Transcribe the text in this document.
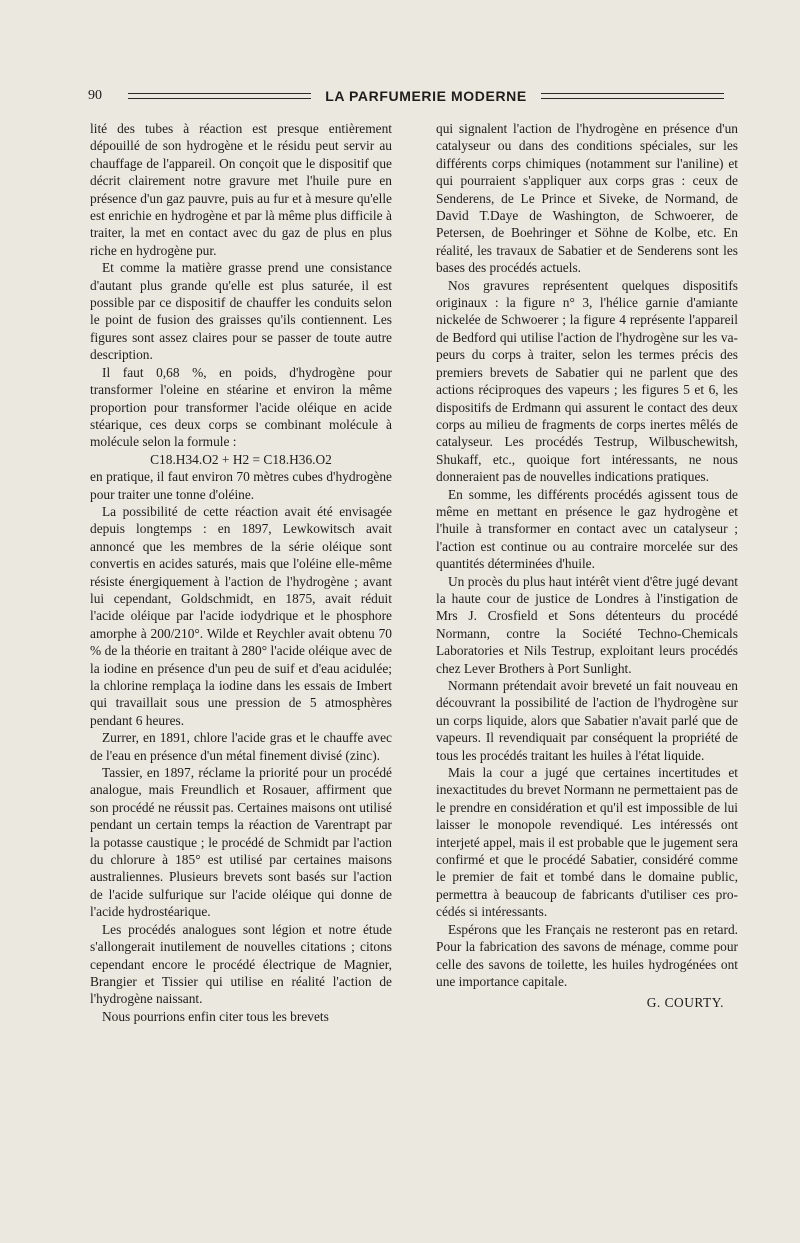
90	LA PARFUMERIE MODERNE

lité des tubes à réaction est presque entièrement dépouillé de son hydrogène et le résidu peut servir au chauffage de l'appareil. On conçoit que le dispositif que décrit clairement notre gravure met l'huile pure en présence d'un gaz pauvre, puis au fur et à mesure qu'elle est enrichie en hydrogène et par là même plus difficile à traiter, la met en contact avec du gaz de plus en plus riche en hydrogène pur.

Et comme la matière grasse prend une consistance d'autant plus grande qu'elle est plus saturée, il est possible par ce dispositif de chauffer les conduits selon le point de fusion des graisses qu'ils contiennent. Les figures sont assez claires pour se passer de toute autre description.

Il faut 0,68 %, en poids, d'hydrogène pour transformer l'oleine en stéarine et environ la même proportion pour transformer l'acide oléique en acide stéarique, ces deux corps se combinant molécule à molécule selon la formule :

C18.H34.O2 + H2 = C18.H36.O2

en pratique, il faut environ 70 mètres cubes d'hydrogène pour traiter une tonne d'oléine.

La possibilité de cette réaction avait été envisagée depuis longtemps : en 1897, Lewkowitsch avait annoncé que les membres de la série oléique sont convertis en acides saturés, mais que l'oléine elle-même résiste énergiquement à l'action de l'hydrogène ; avant lui cependant, Goldschmidt, en 1875, avait réduit l'acide oléique par l'acide iodydrique et le phosphore amorphe à 200/210°. Wilde et Reychler avait obtenu 70 % de la théorie en traitant à 280° l'acide oléique avec de la iodine en présence d'un peu de suif et d'eau acidulée; la chlorine remplaça la iodine dans les essais de Imbert qui travaillait sous une pression de 5 atmosphères pendant 6 heures.

Zurrer, en 1891, chlore l'acide gras et le chauffe avec de l'eau en présence d'un métal finement divisé (zinc).

Tassier, en 1897, réclame la priorité pour un procédé analogue, mais Freundlich et Rosauer, affirment que son procédé ne réussit pas. Certaines maisons ont utilisé pendant un certain temps la réaction de Varentrapt par la potasse caustique ; le procédé de Schmidt par l'action du chlorure à 185° est utilisé par certaines maisons australiennes. Plusieurs brevets sont basés sur l'action de l'acide sulfurique sur l'acide oléique qui donne de l'acide hydrostéarique.

Les procédés analogues sont légion et notre étude s'allongerait inutilement de nouvelles citations ; citons cependant encore le procédé électrique de Magnier, Brangier et Tissier qui utilise en réalité l'action de l'hydrogène naissant.

Nous pourrions enfin citer tous les brevets

qui signalent l'action de l'hydrogène en présence d'un catalyseur ou dans des conditions spéciales, sur les différents corps chimiques (notamment sur l'aniline) et qui pourraient s'appliquer aux corps gras : ceux de Senderens, de Le Prince et Siveke, de Normand, de David T.Daye de Washington, de Schwoerer, de Petersen, de Boehringer et Söhne de Kolbe, etc. En réalité, les travaux de Sabatier et de Senderens sont les bases des procédés actuels.

Nos gravures représentent quelques dispositifs originaux : la figure n° 3, l'hélice garnie d'amiante nickelée de Schwoerer ; la figure 4 représente l'appareil de Bedford qui utilise l'action de l'hydrogène sur les vapeurs du corps à traiter, selon les termes précis des premiers brevets de Sabatier qui ne parlent que des actions réciproques des vapeurs ; les figures 5 et 6, les dispositifs de Erdmann qui assurent le contact des deux corps au milieu de fragments de corps inertes mêlés de catalyseur. Les procédés Testrup, Wilbuschewitsh, Shukaff, etc., quoique fort intéressants, ne nous donneraient pas de nouvelles indications pratiques.

En somme, les différents procédés agissent tous de même en mettant en présence le gaz hydrogène et l'huile à transformer en contact avec un catalyseur ; l'action est continue ou au contraire morcelée sur des quantités déterminées d'huile.

Un procès du plus haut intérêt vient d'être jugé devant la haute cour de justice de Londres à l'instigation de Mrs J. Crosfield et Sons détenteurs du procédé Normann, contre la Société Techno-Chemicals Laboratories et Nils Testrup, exploitant leurs procédés chez Lever Brothers à Port Sunlight.

Normann prétendait avoir breveté un fait nouveau en découvrant la possibilité de l'action de l'hydrogène sur un corps liquide, alors que Sabatier n'avait parlé que de vapeurs. Il revendiquait par conséquent la propriété de tous les procédés traitant les huiles à l'état liquide.

Mais la cour a jugé que certaines incertitudes et inexactitudes du brevet Normann ne permettaient pas de le prendre en considération et qu'il est impossible de lui laisser le monopole revendiqué. Les intéressés ont interjeté appel, mais il est probable que le jugement sera confirmé et que le procédé Sabatier, considéré comme le premier de fait et tombé dans le domaine public, permettra à beaucoup de fabricants d'utiliser ces procédés si intéressants.

Espérons que les Français ne resteront pas en retard. Pour la fabrication des savons de ménage, comme pour celle des savons de toilette, les huiles hydrogénées ont une importance capitale.

G. COURTY.
